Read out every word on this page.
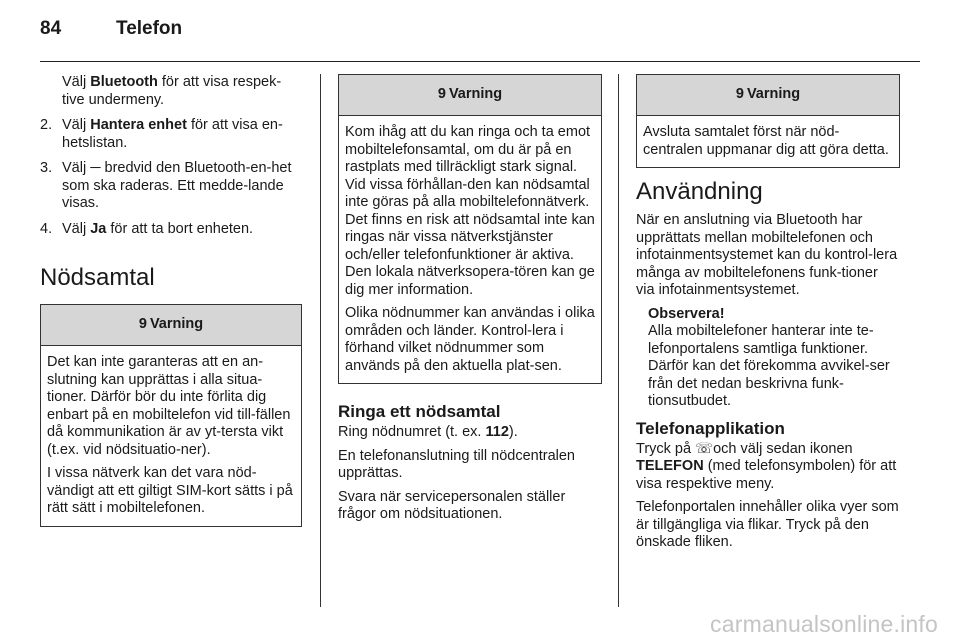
84	Telefon
Välj Bluetooth för att visa respek-tive undermeny.
2. Välj Hantera enhet för att visa en-hetslistan.
3. Välj ─ bredvid den Bluetooth-en-het som ska raderas. Ett medde-lande visas.
4. Välj Ja för att ta bort enheten.
Nödsamtal
9 Varning

Det kan inte garanteras att en an-slutning kan upprättas i alla situa-tioner. Därför bör du inte förlita dig enbart på en mobiltelefon vid till-fällen då kommunikation är av yt-tersta vikt (t.ex. vid nödsituatio-ner).

I vissa nätverk kan det vara nöd-vändigt att ett giltigt SIM-kort sätts i på rätt sätt i mobiltelefonen.

9 Varning

Kom ihåg att du kan ringa och ta emot mobiltelefonsamtal, om du är på en rastplats med tillräckligt stark signal. Vid vissa förhållan-den kan nödsamtal inte göras på alla mobiltelefonnätverk. Det finns en risk att nödsamtal inte kan ringas när vissa nätverkstjänster och/eller telefonfunktioner är aktiva. Den lokala nätverksopera-tören kan ge dig mer information.

Olika nödnummer kan användas i olika områden och länder. Kontrol-lera i förhand vilket nödnummer som används på den aktuella plat-sen.

Ringa ett nödsamtal

Ring nödnumret (t. ex. 112).

En telefonanslutning till nödcentralen upprättas.

Svara när servicepersonalen ställer frågor om nödsituationen.

9 Varning

Avsluta samtalet först när nöd-centralen uppmanar dig att göra detta.

Användning

När en anslutning via Bluetooth har upprättats mellan mobiltelefonen och infotainmentsystemet kan du kontrol-lera många av mobiltelefonens funk-tioner via infotainmentsystemet.

Observera!
Alla mobiltelefoner hanterar inte te-lefonportalens samtliga funktioner. Därför kan det förekomma avvikel-ser från det nedan beskrivna funk-tionsutbudet.
Telefonapplikation

Tryck på ☏ och välj sedan ikonen TELEFON (med telefonsymbolen) för att visa respektive meny.

Telefonportalen innehåller olika vyer som är tillgängliga via flikar. Tryck på den önskade fliken.

carmanualsonline.info
